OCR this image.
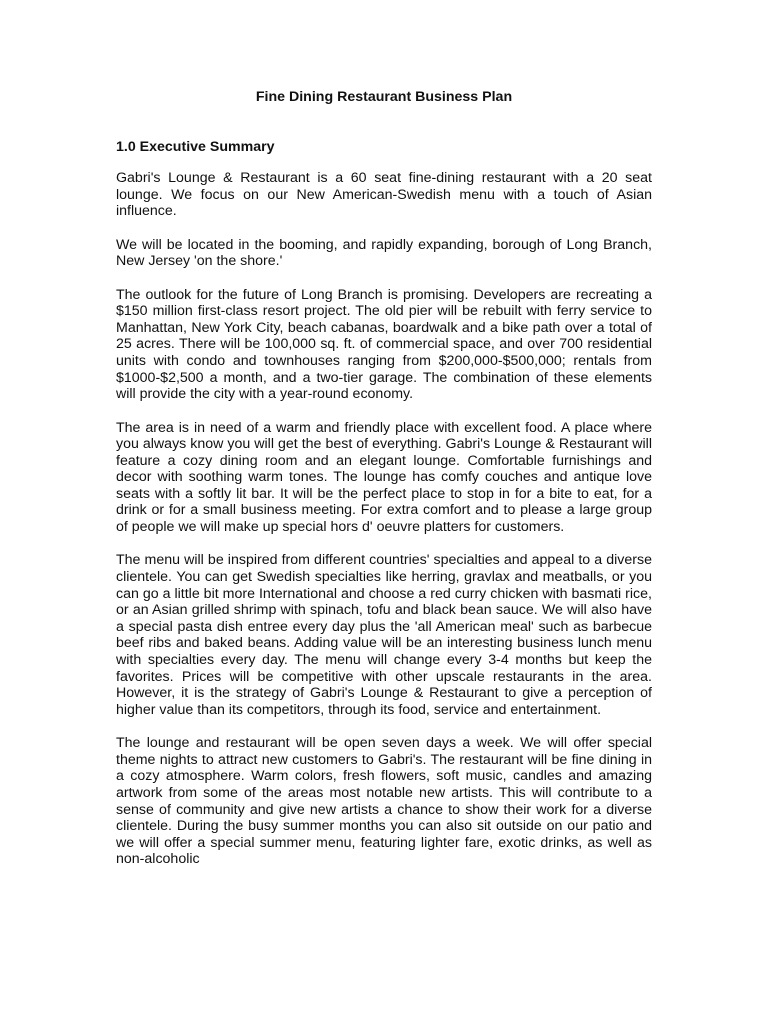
Fine Dining Restaurant Business Plan
1.0 Executive Summary

Gabri's Lounge & Restaurant is a 60 seat fine-dining restaurant with a 20 seat lounge. We focus on our New American-Swedish menu with a touch of Asian influence.

We will be located in the booming, and rapidly expanding, borough of Long Branch, New Jersey 'on the shore.'

The outlook for the future of Long Branch is promising. Developers are recreating a $150 million first-class resort project. The old pier will be rebuilt with ferry service to Manhattan, New York City, beach cabanas, boardwalk and a bike path over a total of 25 acres. There will be 100,000 sq. ft. of commercial space, and over 700 residential units with condo and townhouses ranging from $200,000-$500,000; rentals from $1000-$2,500 a month, and a two-tier garage. The combination of these elements will provide the city with a year-round economy.

The area is in need of a warm and friendly place with excellent food. A place where you always know you will get the best of everything. Gabri's Lounge & Restaurant will feature a cozy dining room and an elegant lounge. Comfortable furnishings and decor with soothing warm tones. The lounge has comfy couches and antique love seats with a softly lit bar. It will be the perfect place to stop in for a bite to eat, for a drink or for a small business meeting. For extra comfort and to please a large group of people we will make up special hors d' oeuvre platters for customers.

The menu will be inspired from different countries' specialties and appeal to a diverse clientele. You can get Swedish specialties like herring, gravlax and meatballs, or you can go a little bit more International and choose a red curry chicken with basmati rice, or an Asian grilled shrimp with spinach, tofu and black bean sauce. We will also have a special pasta dish entree every day plus the 'all American meal' such as barbecue beef ribs and baked beans. Adding value will be an interesting business lunch menu with specialties every day. The menu will change every 3-4 months but keep the favorites. Prices will be competitive with other upscale restaurants in the area. However, it is the strategy of Gabri's Lounge & Restaurant to give a perception of higher value than its competitors, through its food, service and entertainment.

The lounge and restaurant will be open seven days a week. We will offer special theme nights to attract new customers to Gabri's. The restaurant will be fine dining in a cozy atmosphere. Warm colors, fresh flowers, soft music, candles and amazing artwork from some of the areas most notable new artists. This will contribute to a sense of community and give new artists a chance to show their work for a diverse clientele. During the busy summer months you can also sit outside on our patio and we will offer a special summer menu, featuring lighter fare, exotic drinks, as well as non-alcoholic
